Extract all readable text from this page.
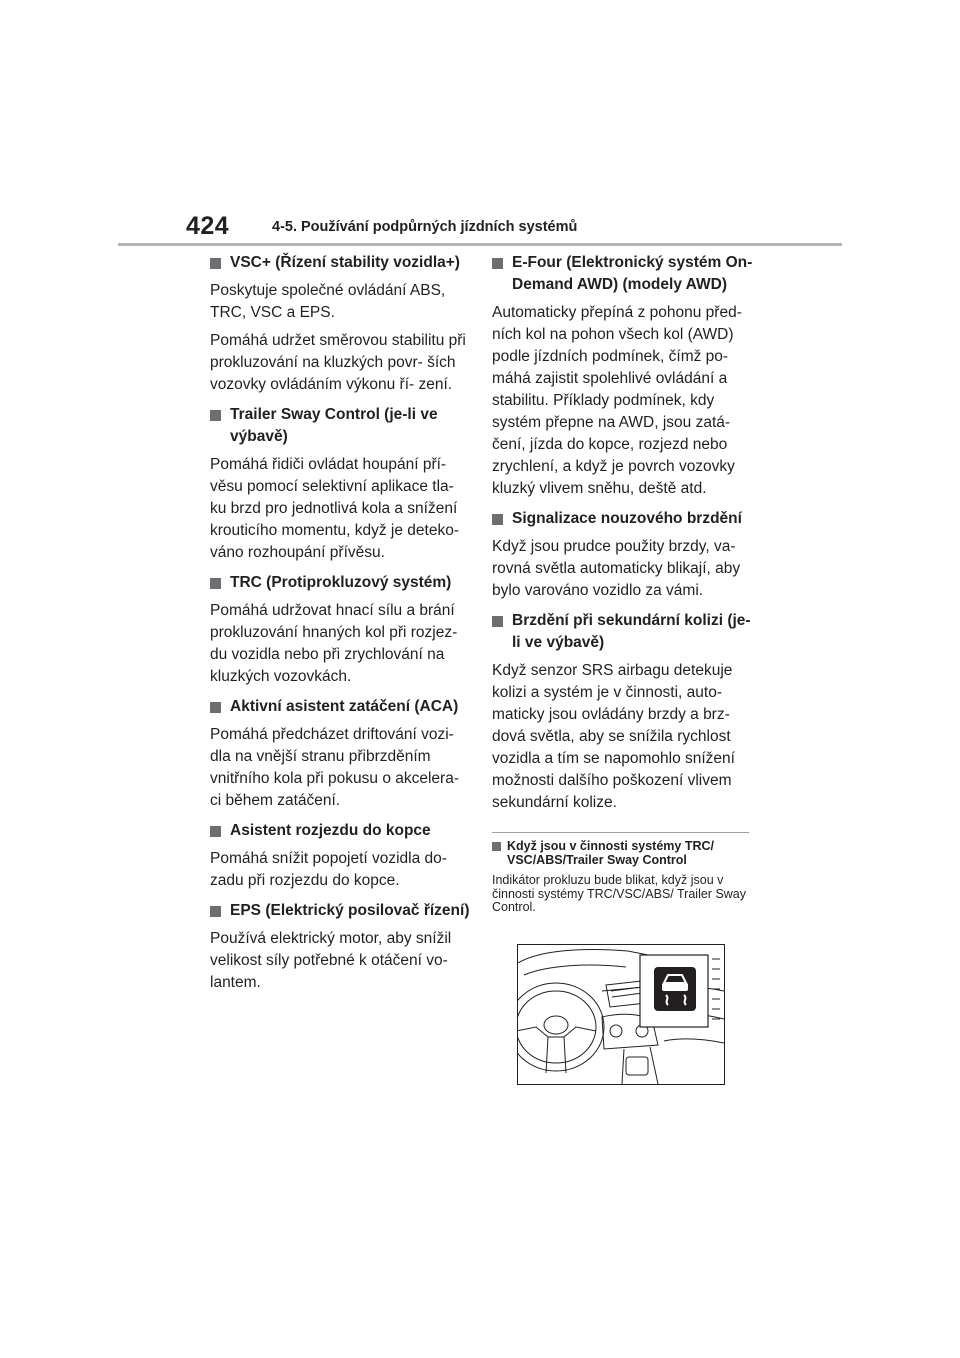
424	4-5. Používání podpůrných jízdních systémů
VSC+ (Řízení stability vozidla+)
Poskytuje společné ovládání ABS, TRC, VSC a EPS.
Pomáhá udržet směrovou stabilitu při prokluzování na kluzkých povr- ších vozovky ovládáním výkonu ří- zení.
Trailer Sway Control (je-li ve výbavě)
Pomáhá řidiči ovládat houpání pří- věsu pomocí selektivní aplikace tla- ku brzd pro jednotlivá kola a snížení krouticího momentu, když je deteko- váno rozhoupání přívěsu.
TRC (Protiprokluzový systém)
Pomáhá udržovat hnací sílu a brání prokluzování hnaných kol při rozjez- du vozidla nebo při zrychlování na kluzkých vozovkách.
Aktivní asistent zatáčení (ACA)
Pomáhá předcházet driftování vozi- dla na vnější stranu přibrzděním vnitřního kola při pokusu o akcelera- ci během zatáčení.
Asistent rozjezdu do kopce
Pomáhá snížit popojetí vozidla do- zadu při rozjezdu do kopce.
EPS (Elektrický posilovač řízení)
Používá elektrický motor, aby snížil velikost síly potřebné k otáčení vo- lantem.
E-Four (Elektronický systém On-Demand AWD) (modely AWD)
Automaticky přepíná z pohonu před- ních kol na pohon všech kol (AWD) podle jízdních podmínek, čímž po- máhá zajistit spolehlivé ovládání a stabilitu. Příklady podmínek, kdy systém přepne na AWD, jsou zatá- čení, jízda do kopce, rozjezd nebo zrychlení, a když je povrch vozovky kluzký vlivem sněhu, deště atd.
Signalizace nouzového brzdění
Když jsou prudce použity brzdy, va- rovná světla automaticky blikají, aby bylo varováno vozidlo za vámi.
Brzdění při sekundární kolizi (je-li ve výbavě)
Když senzor SRS airbagu detekuje kolizi a systém je v činnosti, auto- maticky jsou ovládány brzdy a brz- dová světla, aby se snížila rychlost vozidla a tím se napomohlo snížení možnosti dalšího poškození vlivem sekundární kolize.
Když jsou v činnosti systémy TRC/ VSC/ABS/Trailer Sway Control
Indikátor prokluzu bude blikat, když jsou v činnosti systémy TRC/VSC/ABS/ Trailer Sway Control.
